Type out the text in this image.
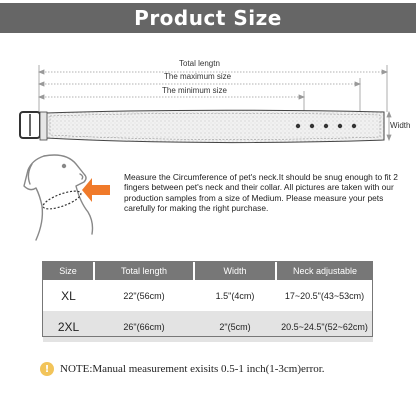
Product Size
Total lengtn
The maximum size
The minimum size
Width
Measure the Circumference of pet's neck.It should be snug enough to fit 2 fingers between pet's neck and their collar. All pictures are taken with our production samples from a size of Medium. Please measure your pets carefully for making the right purchase.
Size	Total length	Width	Neck adjustable
XL	22"(56cm)	1.5"(4cm)	17~20.5"(43~53cm)
2XL	26"(66cm)	2"(5cm)	20.5~24.5"(52~62cm)
! NOTE:Manual measurement exisits 0.5-1 inch(1-3cm)error.
